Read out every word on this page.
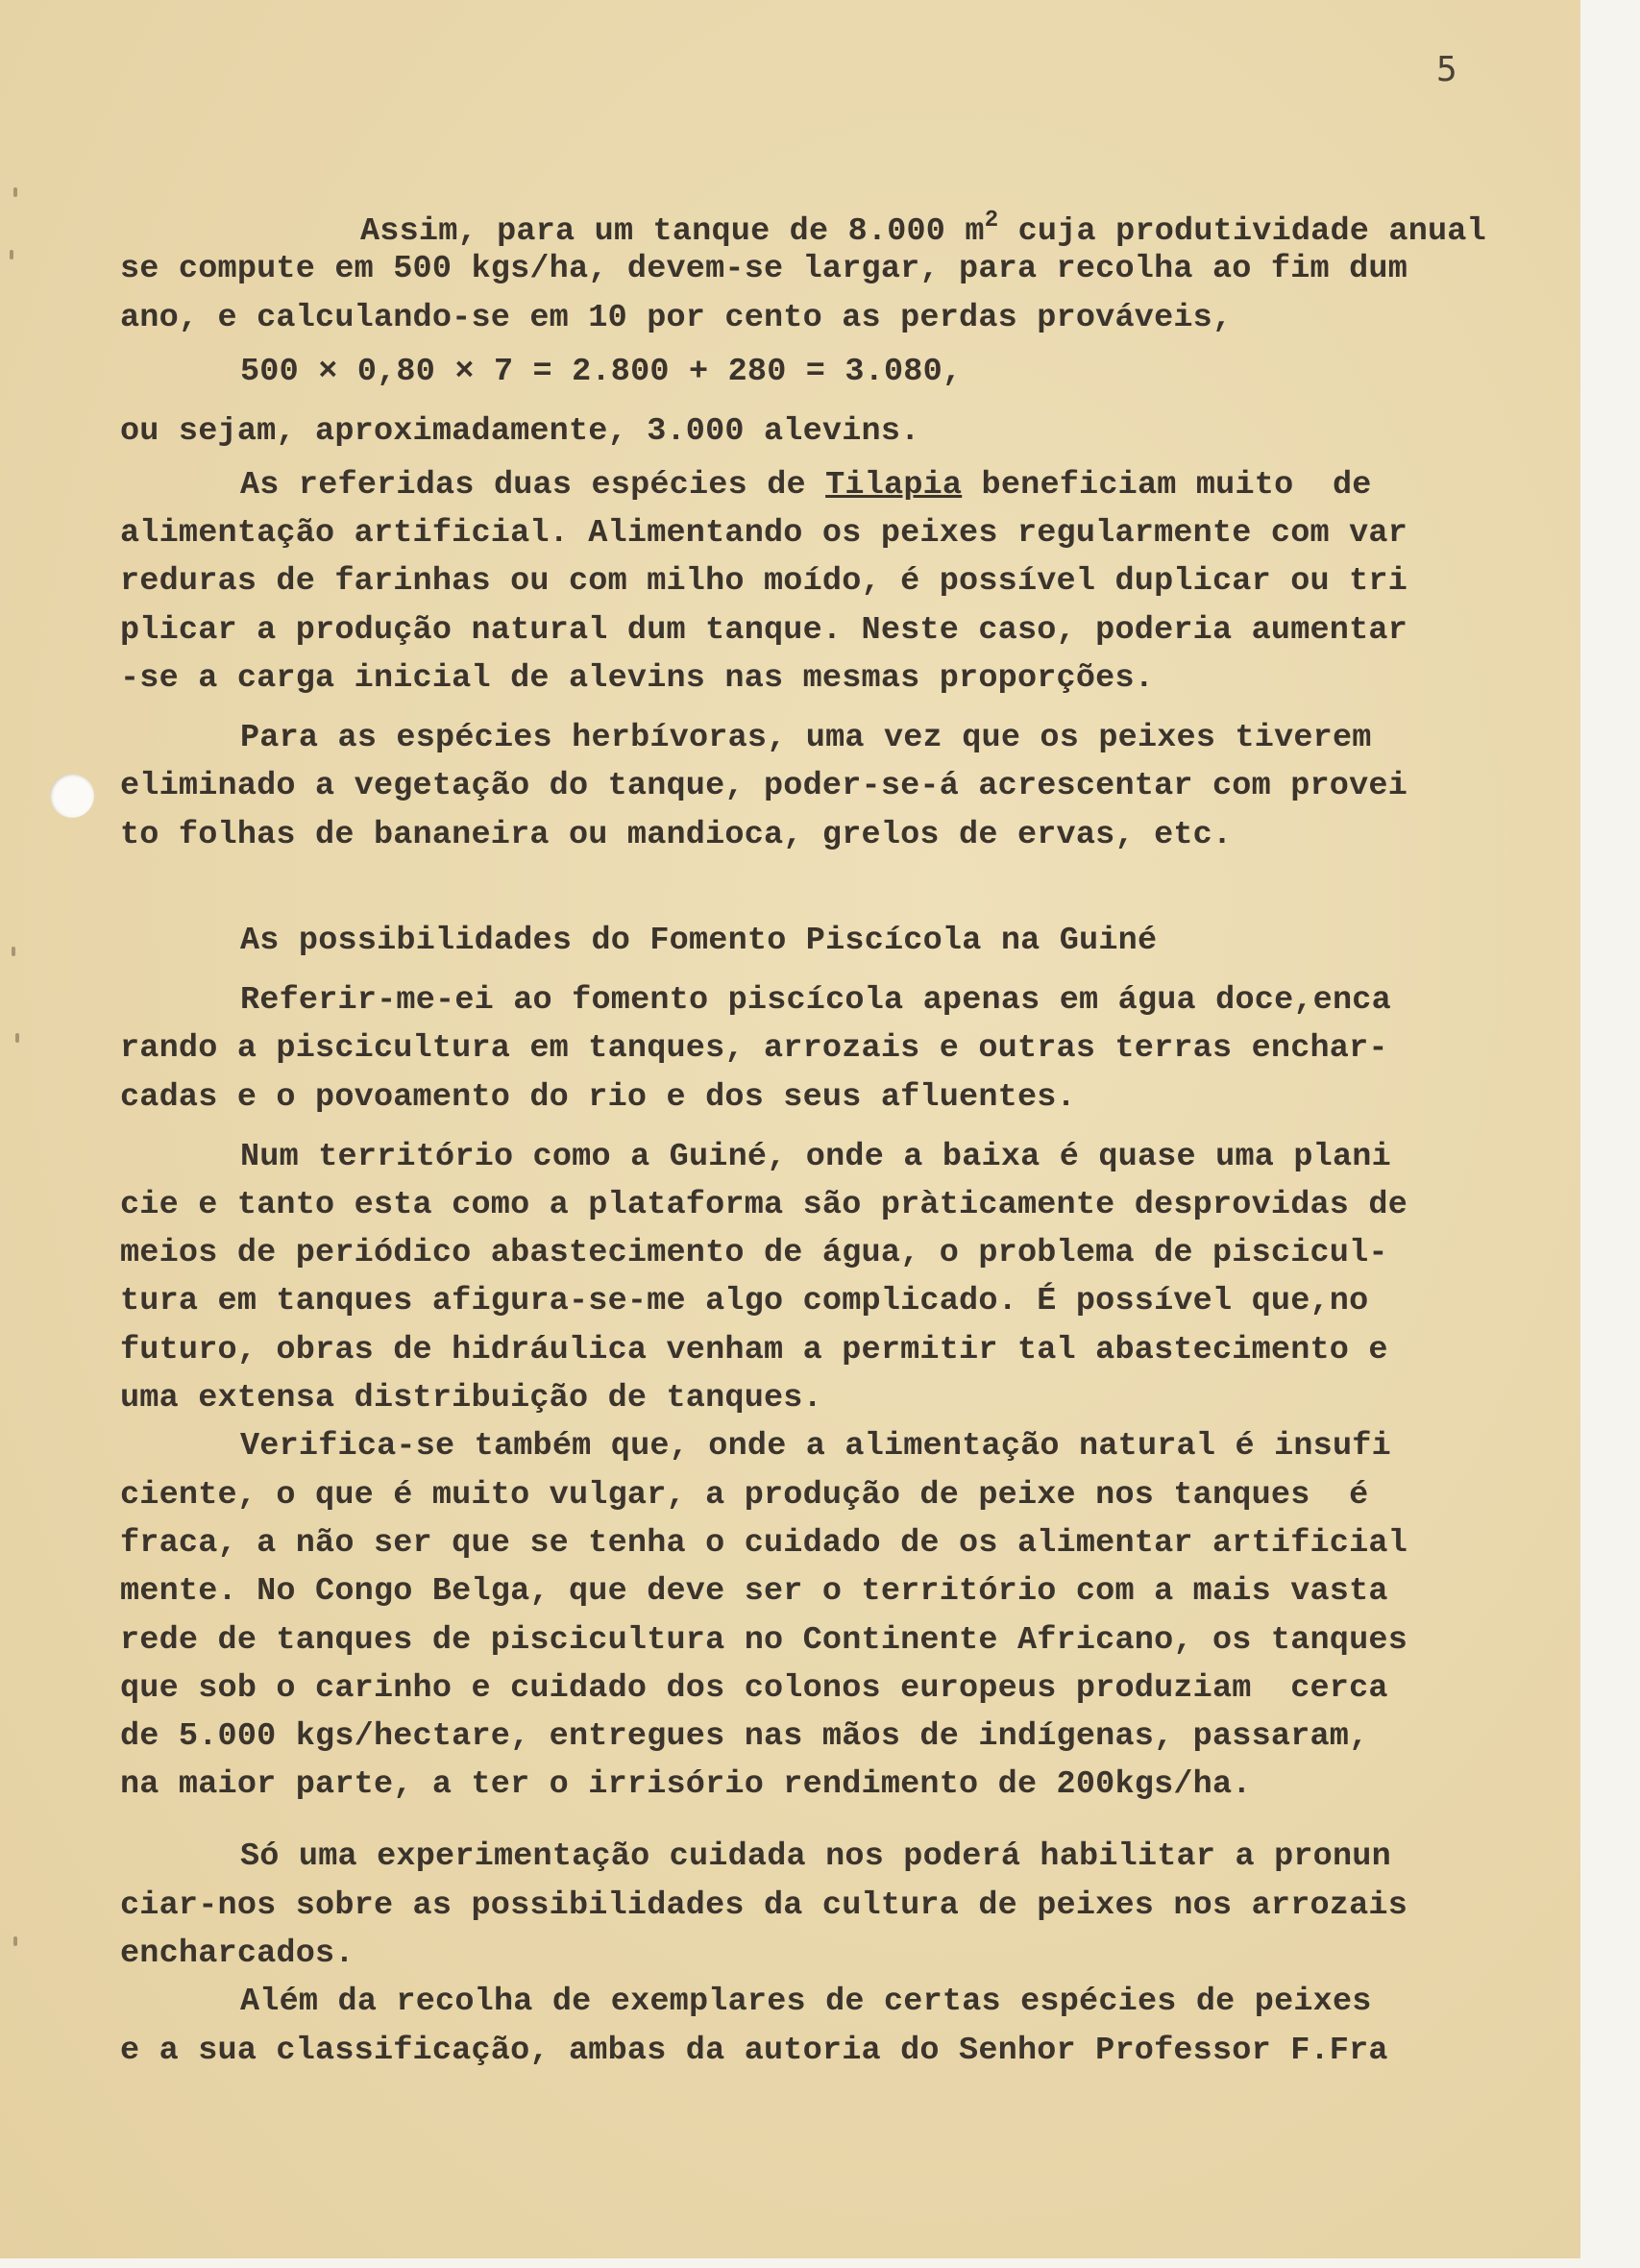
5
Assim, para um tanque de 8.000 $m^2$ cuja produtividade anual
se compute em 500 kgs/ha, devem-se largar, para recolha ao fim dum
ano, e calculando-se em 10 por cento as perdas prováveis,
500 × 0,80 × 7 = 2.800 + 280 = 3.080,
ou sejam, aproximadamente, 3.000 alevins.
As referidas duas espécies de Tilapia beneficiam muito  de
alimentação artificial. Alimentando os peixes regularmente com var
reduras de farinhas ou com milho moído, é possível duplicar ou tri
plicar a produção natural dum tanque. Neste caso, poderia aumentar
-se a carga inicial de alevins nas mesmas proporções.
Para as espécies herbívoras, uma vez que os peixes tiverem
eliminado a vegetação do tanque, poder-se-á acrescentar com provei
to folhas de bananeira ou mandioca, grelos de ervas, etc.
As possibilidades do Fomento Piscícola na Guiné
Referir-me-ei ao fomento piscícola apenas em água doce,enca
rando a piscicultura em tanques, arrozais e outras terras enchar-
cadas e o povoamento do rio e dos seus afluentes.
Num território como a Guiné, onde a baixa é quase uma plani
cie e tanto esta como a plataforma são pràticamente desprovidas de
meios de periódico abastecimento de água, o problema de piscicul-
tura em tanques afigura-se-me algo complicado. É possível que,no
futuro, obras de hidráulica venham a permitir tal abastecimento e
uma extensa distribuição de tanques.
Verifica-se também que, onde a alimentação natural é insufi
ciente, o que é muito vulgar, a produção de peixe nos tanques  é
fraca, a não ser que se tenha o cuidado de os alimentar artificial
mente. No Congo Belga, que deve ser o território com a mais vasta
rede de tanques de piscicultura no Continente Africano, os tanques
que sob o carinho e cuidado dos colonos europeus produziam  cerca
de 5.000 kgs/hectare, entregues nas mãos de indígenas, passaram,
na maior parte, a ter o irrisório rendimento de 200kgs/ha.
Só uma experimentação cuidada nos poderá habilitar a pronun
ciar-nos sobre as possibilidades da cultura de peixes nos arrozais
encharcados.
Além da recolha de exemplares de certas espécies de peixes
e a sua classificação, ambas da autoria do Senhor Professor F.Fra
